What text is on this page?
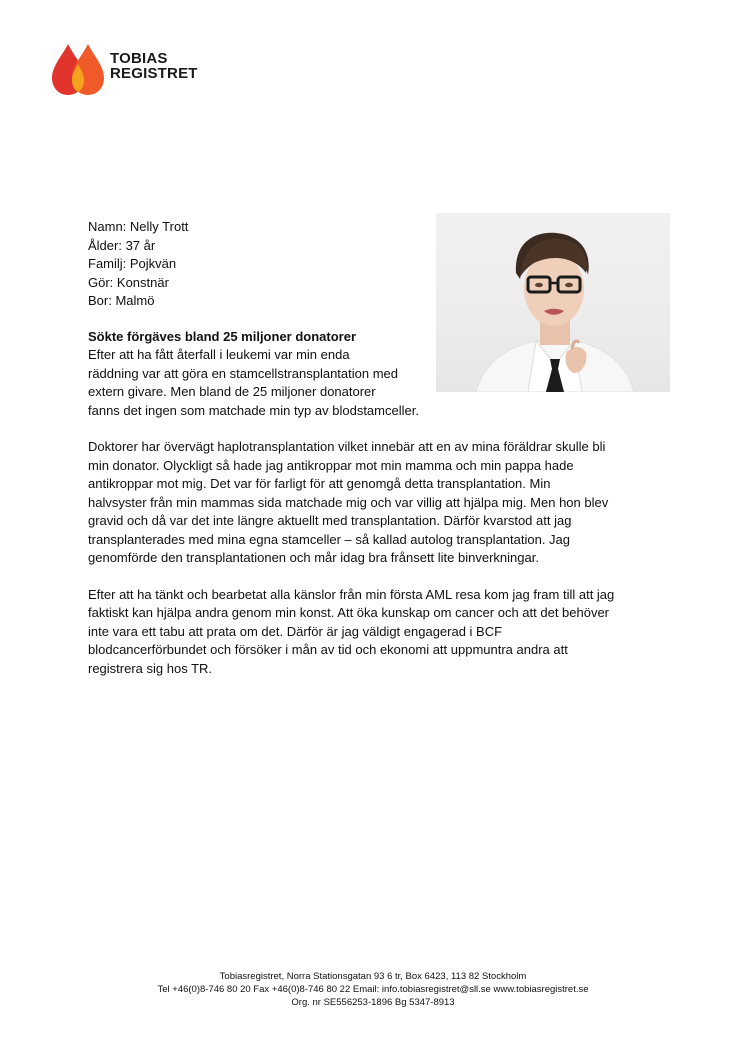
TOBIAS
REGISTRET
Namn: Nelly Trott
Ålder: 37 år
Familj: Pojkvän
Gör: Konstnär
Bor: Malmö

Sökte förgäves bland 25 miljoner donatorer

Efter att ha fått återfall i leukemi var min enda
räddning var att göra en stamcellstransplantation med
extern givare. Men bland de 25 miljoner donatorer
fanns det ingen som matchade min typ av blodstamceller.

Doktorer har övervägt haplotransplantation vilket innebär att en av mina föräldrar skulle bli
min donator. Olyckligt så hade jag antikroppar mot min mamma och min pappa hade
antikroppar mot mig. Det var för farligt för att genomgå detta transplantation. Min
halvsyster från min mammas sida matchade mig och var villig att hjälpa mig. Men hon blev
gravid och då var det inte längre aktuellt med transplantation. Därför kvarstod att jag
transplanterades med mina egna stamceller – så kallad autolog transplantation. Jag
genomförde den transplantationen och mår idag bra frånsett lite binverkningar.

Efter att ha tänkt och bearbetat alla känslor från min första AML resa kom jag fram till att jag
faktiskt kan hjälpa andra genom min konst. Att öka kunskap om cancer och att det behöver
inte vara ett tabu att prata om det. Därför är jag väldigt engagerad i BCF
blodcancerförbundet och försöker i mån av tid och ekonomi att uppmuntra andra att
registrera sig hos TR.

Tobiasregistret, Norra Stationsgatan 93 6 tr, Box 6423, 113 82 Stockholm
Tel +46(0)8-746 80 20 Fax +46(0)8-746 80 22 Email: info.tobiasregistret@sll.se www.tobiasregistret.se
Org. nr SE556253-1896 Bg 5347-8913
